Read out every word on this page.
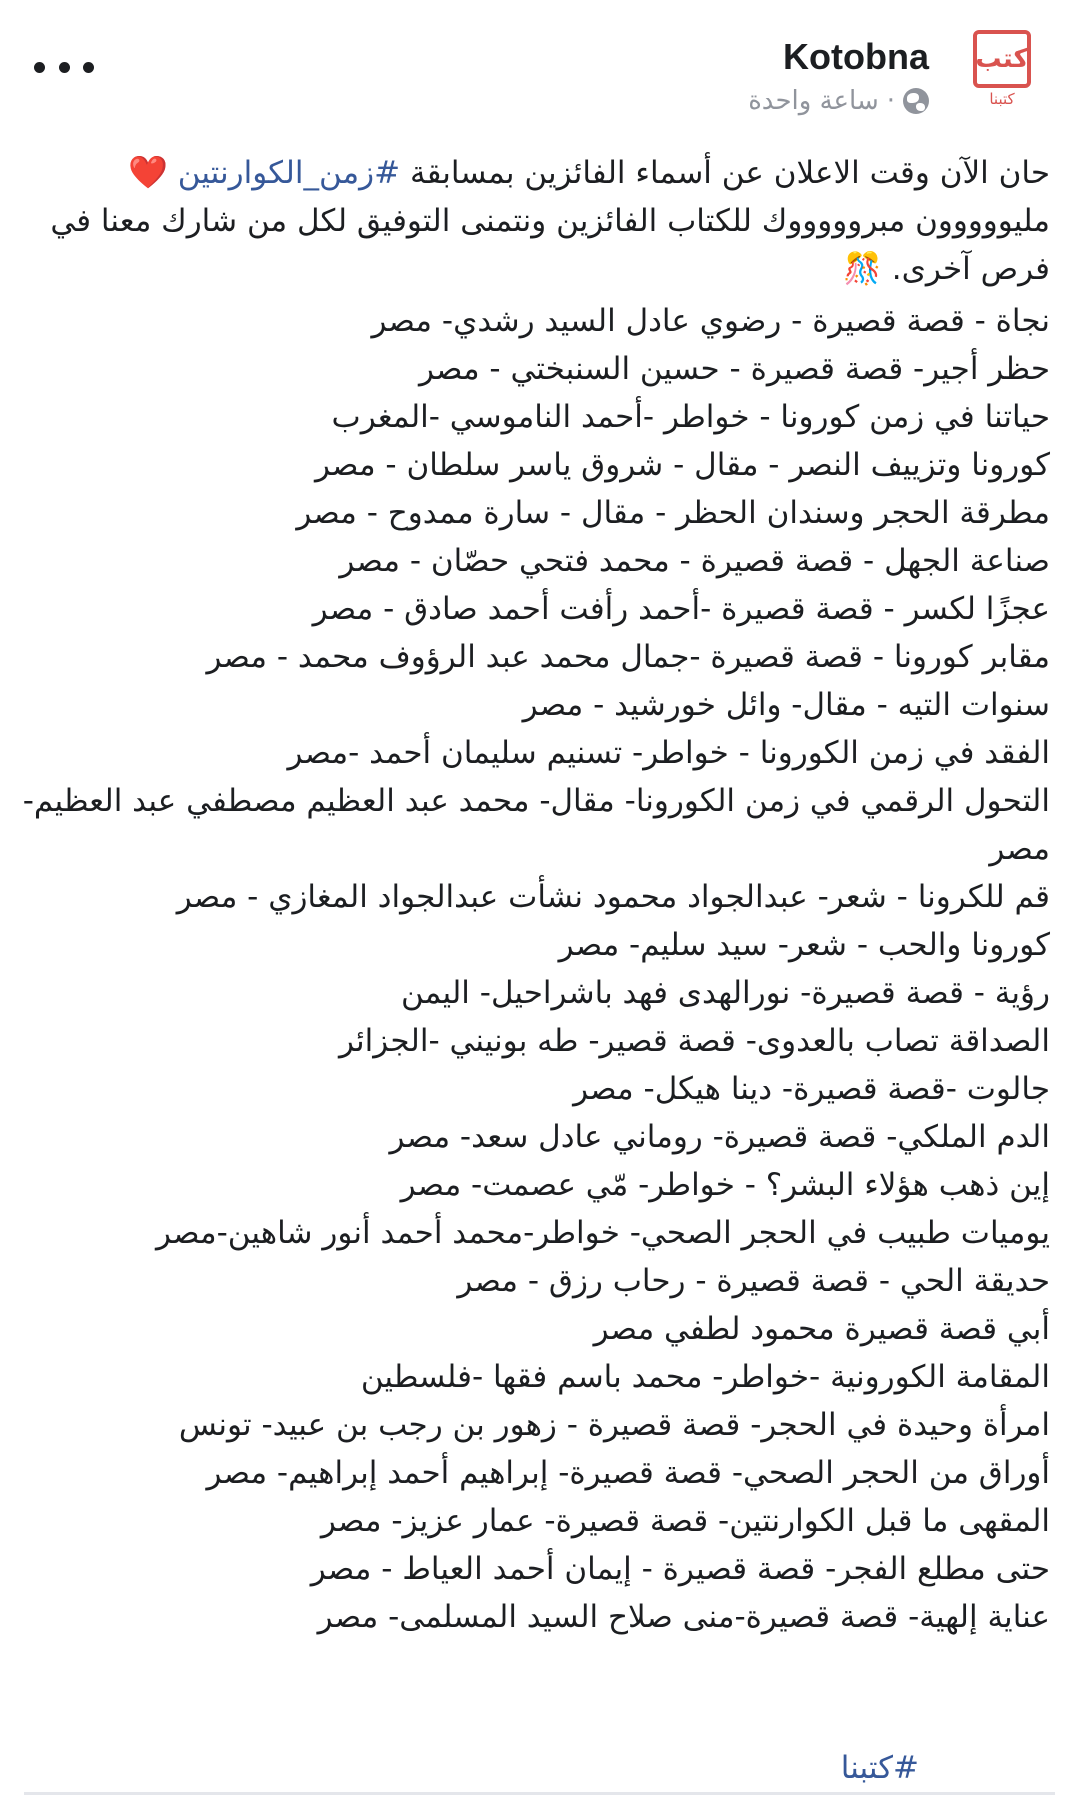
كتب
كتبنا
Kotobna
ساعة واحدة ·

حان الآن وقت الاعلان عن أسماء الفائزين بمسابقة #زمن_الكوارنتين ❤️
مليووووون مبروووووك للكتاب الفائزين ونتمنى التوفيق لكل من شارك معنا في فرص آخرى. 🎊

نجاة - قصة قصيرة - رضوي عادل السيد رشدي- مصر
حظر أجير- قصة قصيرة - حسين السنبختي - مصر
حياتنا في زمن كورونا - خواطر -أحمد الناموسي -المغرب
كورونا وتزييف النصر - مقال - شروق ياسر سلطان - مصر
مطرقة الحجر وسندان الحظر - مقال - سارة ممدوح - مصر
صناعة الجهل - قصة قصيرة - محمد فتحي حصّان - مصر
عجزًا لكسر - قصة قصيرة -أحمد رأفت أحمد صادق - مصر
مقابر كورونا - قصة قصيرة -جمال محمد عبد الرؤوف محمد - مصر
سنوات التيه - مقال- وائل خورشيد - مصر
الفقد في زمن الكورونا - خواطر- تسنيم سليمان أحمد -مصر
التحول الرقمي في زمن الكورونا- مقال- محمد عبد العظيم مصطفي عبد العظيم- مصر
قم للكرونا - شعر- عبدالجواد محمود نشأت عبدالجواد المغازي - مصر
كورونا والحب - شعر- سيد سليم- مصر
رؤية - قصة قصيرة- نورالهدى فهد باشراحيل- اليمن
الصداقة تصاب بالعدوى- قصة قصير- طه بونيني -الجزائر
جالوت -قصة قصيرة- دينا هيكل- مصر
الدم الملكي- قصة قصيرة- روماني عادل سعد- مصر
إين ذهب هؤلاء البشر؟ - خواطر- مّي عصمت- مصر
يوميات طبيب في الحجر الصحي- خواطر-محمد أحمد أنور شاهين-مصر
حديقة الحي - قصة قصيرة - رحاب رزق - مصر
أبي قصة قصيرة محمود لطفي مصر
المقامة الكورونية -خواطر- محمد باسم فقها -فلسطين
امرأة وحيدة في الحجر- قصة قصيرة - زهور بن رجب بن عبيد- تونس
أوراق من الحجر الصحي- قصة قصيرة- إبراهيم أحمد إبراهيم- مصر
المقهى ما قبل الكوارنتين- قصة قصيرة- عمار عزيز- مصر
حتى مطلع الفجر- قصة قصيرة - إيمان أحمد العياط - مصر
عناية إلهية- قصة قصيرة-منى صلاح السيد المسلمى- مصر
#كتبنا
